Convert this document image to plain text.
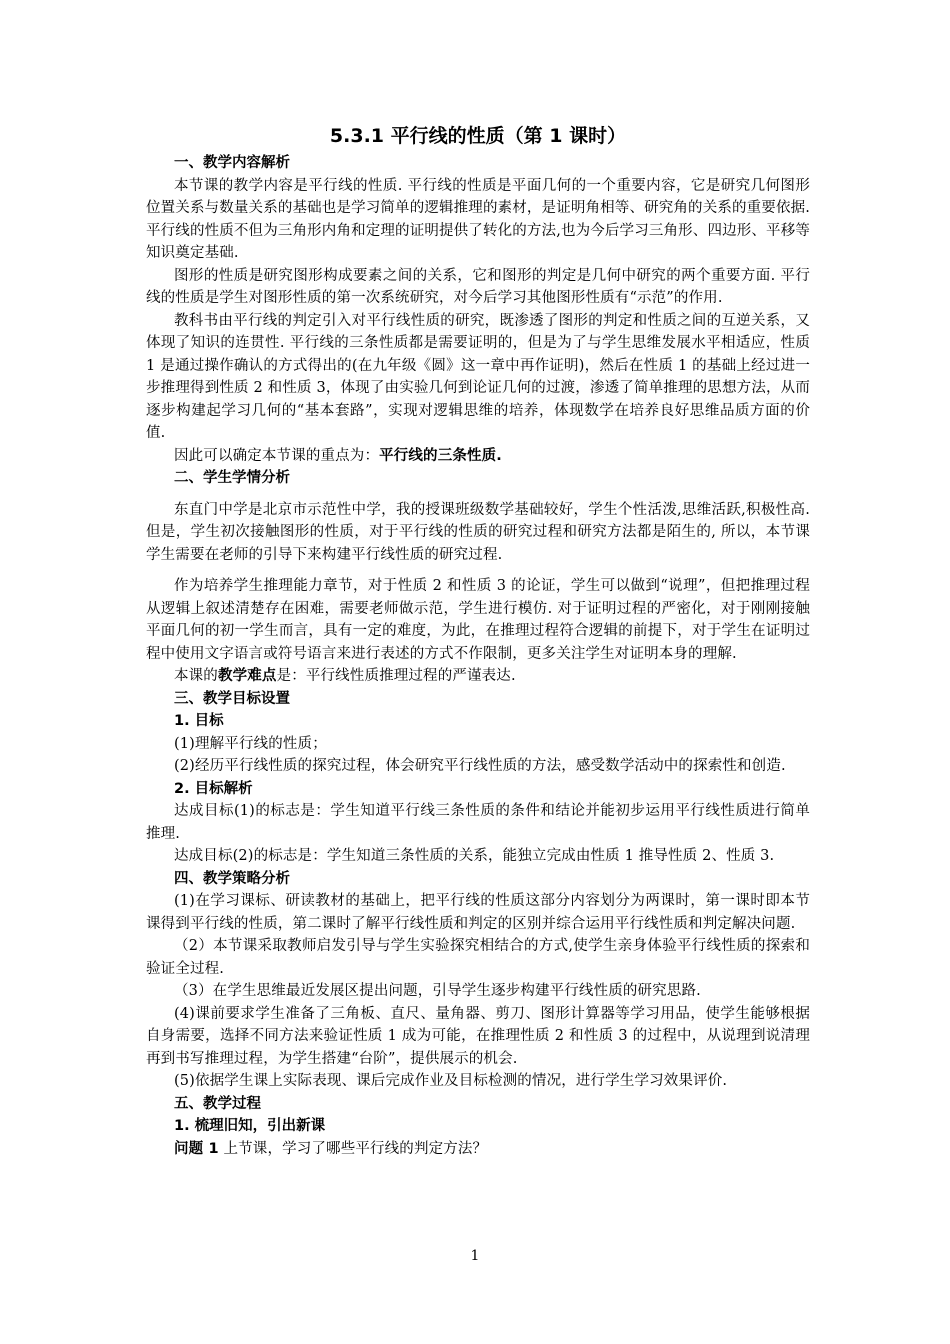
5.3.1 平行线的性质（第 1 课时）
一、教学内容解析

本节课的教学内容是平行线的性质. 平行线的性质是平面几何的一个重要内容，它是研究几何图形位置关系与数量关系的基础也是学习简单的逻辑推理的素材，是证明角相等、研究角的关系的重要依据. 平行线的性质不但为三角形内角和定理的证明提供了转化的方法,也为今后学习三角形、四边形、平移等知识奠定基础.

图形的性质是研究图形构成要素之间的关系，它和图形的判定是几何中研究的两个重要方面. 平行线的性质是学生对图形性质的第一次系统研究，对今后学习其他图形性质有“示范”的作用.

教科书由平行线的判定引入对平行线性质的研究，既渗透了图形的判定和性质之间的互逆关系，又体现了知识的连贯性. 平行线的三条性质都是需要证明的，但是为了与学生思维发展水平相适应，性质 1 是通过操作确认的方式得出的(在九年级《圆》这一章中再作证明)，然后在性质 1 的基础上经过进一步推理得到性质 2 和性质 3，体现了由实验几何到论证几何的过渡，渗透了简单推理的思想方法，从而逐步构建起学习几何的“基本套路”，实现对逻辑思维的培养，体现数学在培养良好思维品质方面的价值.

因此可以确定本节课的重点为：平行线的三条性质.

二、学生学情分析

东直门中学是北京市示范性中学，我的授课班级数学基础较好，学生个性活泼,思维活跃,积极性高. 但是，学生初次接触图形的性质，对于平行线的性质的研究过程和研究方法都是陌生的, 所以，本节课学生需要在老师的引导下来构建平行线性质的研究过程.

作为培养学生推理能力章节，对于性质 2 和性质 3 的论证，学生可以做到“说理”，但把推理过程从逻辑上叙述清楚存在困难，需要老师做示范，学生进行模仿. 对于证明过程的严密化，对于刚刚接触平面几何的初一学生而言，具有一定的难度，为此，在推理过程符合逻辑的前提下，对于学生在证明过程中使用文字语言或符号语言来进行表述的方式不作限制，更多关注学生对证明本身的理解.

本课的教学难点是：平行线性质推理过程的严谨表达.

三、教学目标设置
1. 目标

(1)理解平行线的性质；

(2)经历平行线性质的探究过程，体会研究平行线性质的方法，感受数学活动中的探索性和创造.

2. 目标解析

达成目标(1)的标志是：学生知道平行线三条性质的条件和结论并能初步运用平行线性质进行简单推理.

达成目标(2)的标志是：学生知道三条性质的关系，能独立完成由性质 1 推导性质 2、性质 3.

四、教学策略分析

(1)在学习课标、研读教材的基础上，把平行线的性质这部分内容划分为两课时，第一课时即本节课得到平行线的性质，第二课时了解平行线性质和判定的区别并综合运用平行线性质和判定解决问题.

（2）本节课采取教师启发引导与学生实验探究相结合的方式,使学生亲身体验平行线性质的探索和验证全过程.

（3）在学生思维最近发展区提出问题，引导学生逐步构建平行线性质的研究思路.

(4)课前要求学生准备了三角板、直尺、量角器、剪刀、图形计算器等学习用品，使学生能够根据自身需要，选择不同方法来验证性质 1 成为可能，在推理性质 2 和性质 3 的过程中，从说理到说清理再到书写推理过程，为学生搭建“台阶”，提供展示的机会.

(5)依据学生课上实际表现、课后完成作业及目标检测的情况，进行学生学习效果评价.

五、教学过程
1. 梳理旧知，引出新课

问题 1 上节课，学习了哪些平行线的判定方法？

1
